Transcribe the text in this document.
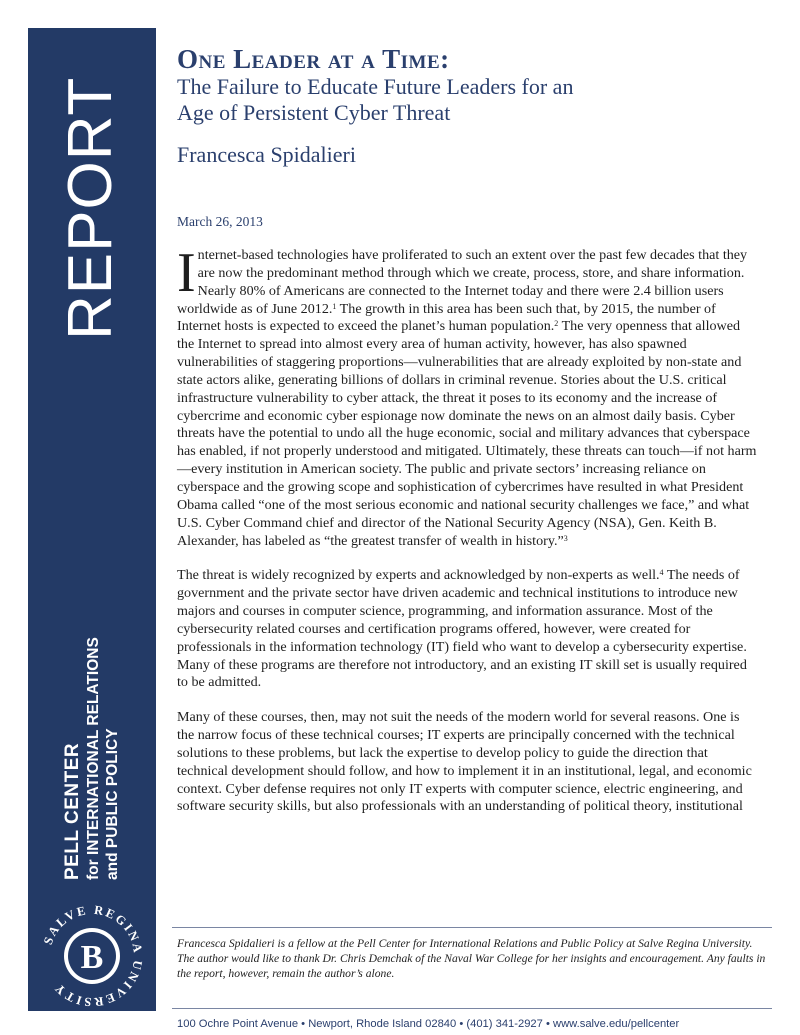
REPORT
PELL CENTER for INTERNATIONAL RELATIONS and PUBLIC POLICY
B
SALVE REGINA UNIVERSITY
One Leader at a Time:
The Failure to Educate Future Leaders for an
Age of Persistent Cyber Threat
Francesca Spidalieri
March 26, 2013

Internet-based technologies have proliferated to such an extent over the past few decades that they are now the predominant method through which we create, process, store, and share information. Nearly 80% of Americans are connected to the Internet today and there were 2.4 billion users worldwide as of June 2012.$^1$ The growth in this area has been such that, by 2015, the number of Internet hosts is expected to exceed the planet’s human population.$^2$ The very openness that allowed the Internet to spread into almost every area of human activity, however, has also spawned vulnerabilities of staggering proportions—vulnerabilities that are already exploited by non-state and state actors alike, generating billions of dollars in criminal revenue. Stories about the U.S. critical infrastructure vulnerability to cyber attack, the threat it poses to its economy and the increase of cybercrime and economic cyber espionage now dominate the news on an almost daily basis. Cyber threats have the potential to undo all the huge economic, social and military advances that cyberspace has enabled, if not properly understood and mitigated. Ultimately, these threats can touch—if not harm—every institution in American society. The public and private sectors’ increasing reliance on cyberspace and the growing scope and sophistication of cybercrimes have resulted in what President Obama called “one of the most serious economic and national security challenges we face,” and what U.S. Cyber Command chief and director of the National Security Agency (NSA), Gen. Keith B. Alexander, has labeled as “the greatest transfer of wealth in history.”$^3$

The threat is widely recognized by experts and acknowledged by non-experts as well.$^4$ The needs of government and the private sector have driven academic and technical institutions to introduce new majors and courses in computer science, programming, and information assurance. Most of the cybersecurity related courses and certification programs offered, however, were created for professionals in the information technology (IT) field who want to develop a cybersecurity expertise. Many of these programs are therefore not introductory, and an existing IT skill set is usually required to be admitted.

Many of these courses, then, may not suit the needs of the modern world for several reasons. One is the narrow focus of these technical courses; IT experts are principally concerned with the technical solutions to these problems, but lack the expertise to develop policy to guide the direction that technical development should follow, and how to implement it in an institutional, legal, and economic context. Cyber defense requires not only IT experts with computer science, electric engineering, and software security skills, but also professionals with an understanding of political theory, institutional

Francesca Spidalieri is a fellow at the Pell Center for International Relations and Public Policy at Salve Regina University. The author would like to thank Dr. Chris Demchak of the Naval War College for her insights and encouragement. Any faults in the report, however, remain the author’s alone.
100 Ochre Point Avenue • Newport, Rhode Island 02840 • (401) 341-2927 • www.salve.edu/pellcenter
